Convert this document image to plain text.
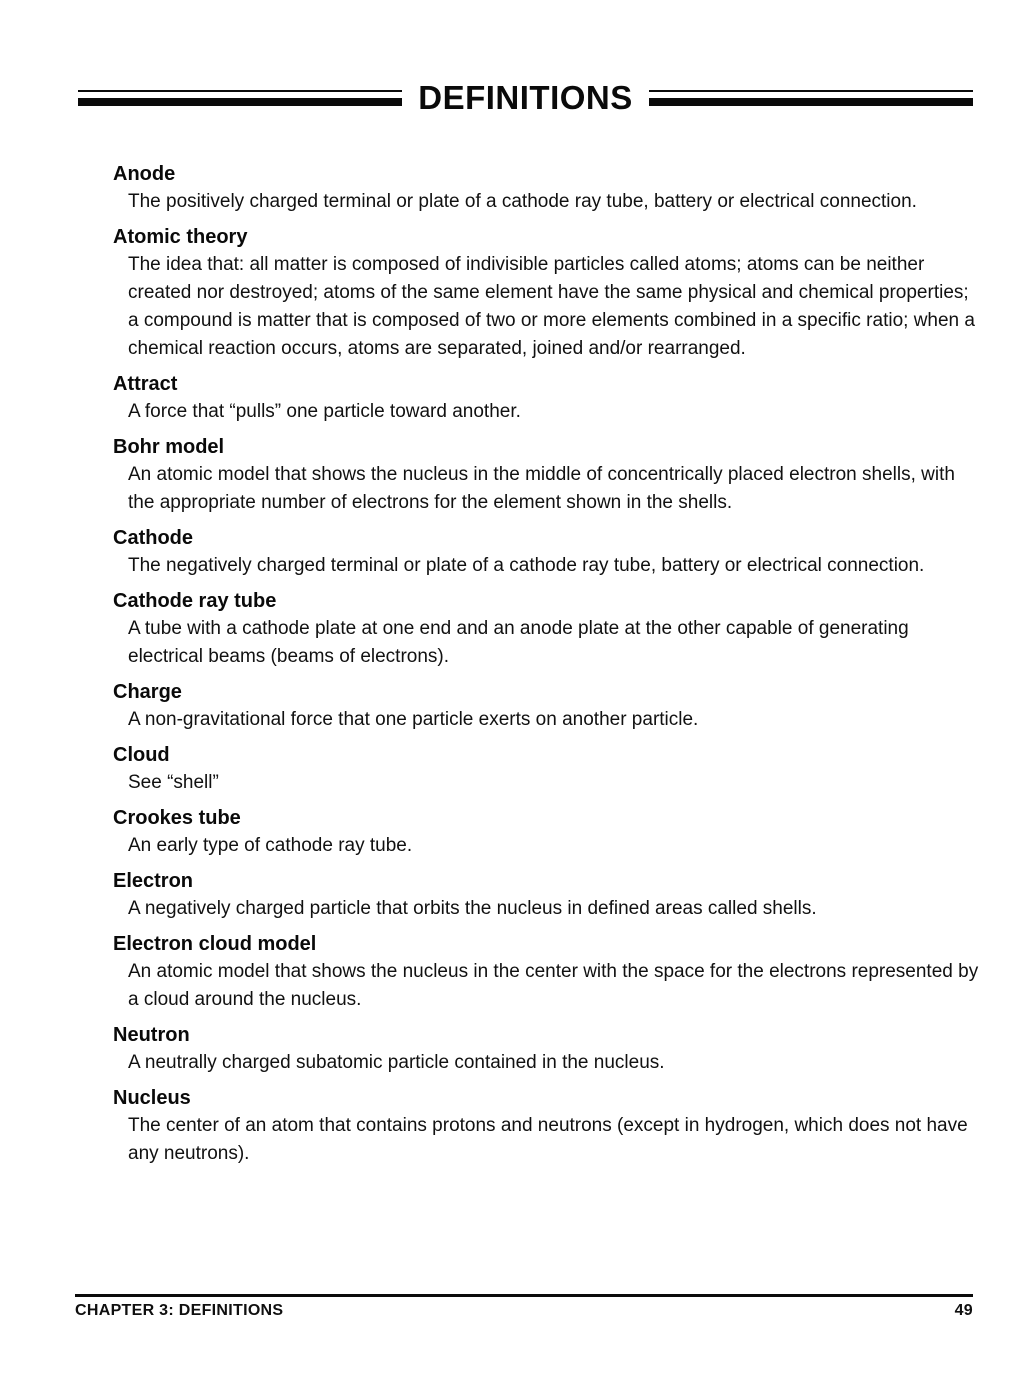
DEFINITIONS
Anode

The positively charged terminal or plate of a cathode ray tube, battery or electrical connection.

Atomic theory

The idea that: all matter is composed of indivisible particles called atoms; atoms can be neither created nor destroyed; atoms of the same element have the same physical and chemical properties; a compound is matter that is composed of two or more elements combined in a specific ratio; when a chemical reaction occurs, atoms are separated, joined and/or rearranged.

Attract

A force that “pulls” one particle toward another.

Bohr model

An atomic model that shows the nucleus in the middle of concentrically placed electron shells, with the appropriate number of electrons for the element shown in the shells.

Cathode

The negatively charged terminal or plate of a cathode ray tube, battery or electrical connection.

Cathode ray tube

A tube with a cathode plate at one end and an anode plate at the other capable of generating electrical beams (beams of electrons).

Charge

A non-gravitational force that one particle exerts on another particle.

Cloud

See “shell”

Crookes tube

An early type of cathode ray tube.

Electron

A negatively charged particle that orbits the nucleus in defined areas called shells.

Electron cloud model

An atomic model that shows the nucleus in the center with the space for the electrons represented by a cloud around the nucleus.

Neutron

A neutrally charged subatomic particle contained in the nucleus.

Nucleus

The center of an atom that contains protons and neutrons (except in hydrogen, which does not have any neutrons).

CHAPTER 3: DEFINITIONS	49
